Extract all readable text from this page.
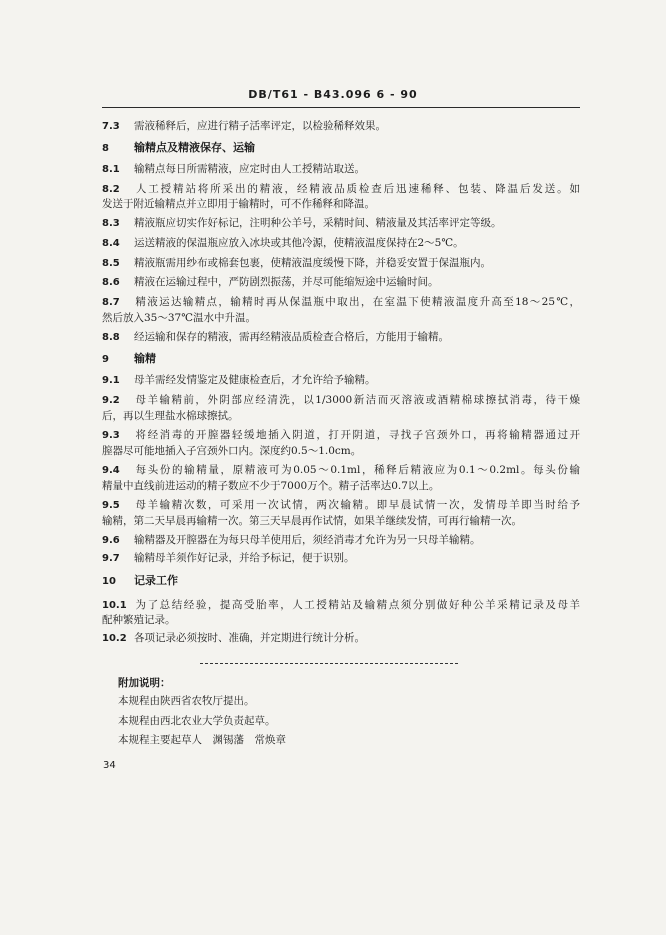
DB/T61 - B43.096 6 - 90
7.3 需液稀释后，应进行精子活率评定，以检验稀释效果。
8 输精点及精液保存、运输
8.1 输精点每日所需精液，应定时由人工授精站取送。
8.2 人工授精站将所采出的精液，经精液品质检查后迅速稀释、包装、降温后发送。如
发送于附近输精点并立即用于输精时，可不作稀释和降温。
8.3 精液瓶应切实作好标记，注明种公羊号，采精时间、精液量及其活率评定等级。
8.4 运送精液的保温瓶应放入冰块或其他冷源，使精液温度保持在2～5℃。
8.5 精液瓶需用纱布或棉套包裹，使精液温度缓慢下降，并稳妥安置于保温瓶内。
8.6 精液在运输过程中，严防剧烈振荡，并尽可能缩短途中运输时间。
8.7 精液运达输精点，输精时再从保温瓶中取出，在室温下使精液温度升高至18～25℃，
然后放入35～37℃温水中升温。
8.8 经运输和保存的精液，需再经精液品质检查合格后，方能用于输精。
9 输精
9.1 母羊需经发情鉴定及健康检查后，才允许给予输精。
9.2 母羊输精前，外阴部应经清洗，以1/3000新洁而灭溶液或酒精棉球擦拭消毒，待干燥
后，再以生理盐水棉球擦拭。
9.3 将经消毒的开膣器轻缓地插入阴道，打开阴道，寻找子宫颈外口，再将输精器通过开
膣器尽可能地插入子宫颈外口内。深度约0.5～1.0cm。
9.4 每头份的输精量，原精液可为0.05～0.1ml，稀释后精液应为0.1～0.2ml。每头份输
精量中直线前进运动的精子数应不少于7000万个。精子活率达0.7以上。
9.5 母羊输精次数，可采用一次试情，两次输精。即早晨试情一次，发情母羊即当时给予
输精，第二天早晨再输精一次。第三天早晨再作试情，如果羊继续发情，可再行输精一次。
9.6 输精器及开膣器在为每只母羊使用后，须经消毒才允许为另一只母羊输精。
9.7 输精母羊须作好记录，并给予标记，便于识别。
10 记录工作
10.1 为了总结经验，提高受胎率，人工授精站及输精点须分别做好种公羊采精记录及母羊
配种繁殖记录。
10.2 各项记录必须按时、准确，并定期进行统计分析。
附加说明：
本规程由陕西省农牧厅提出。
本规程由西北农业大学负责起草。
本规程主要起草人　渊锡藩　常焕章
34
